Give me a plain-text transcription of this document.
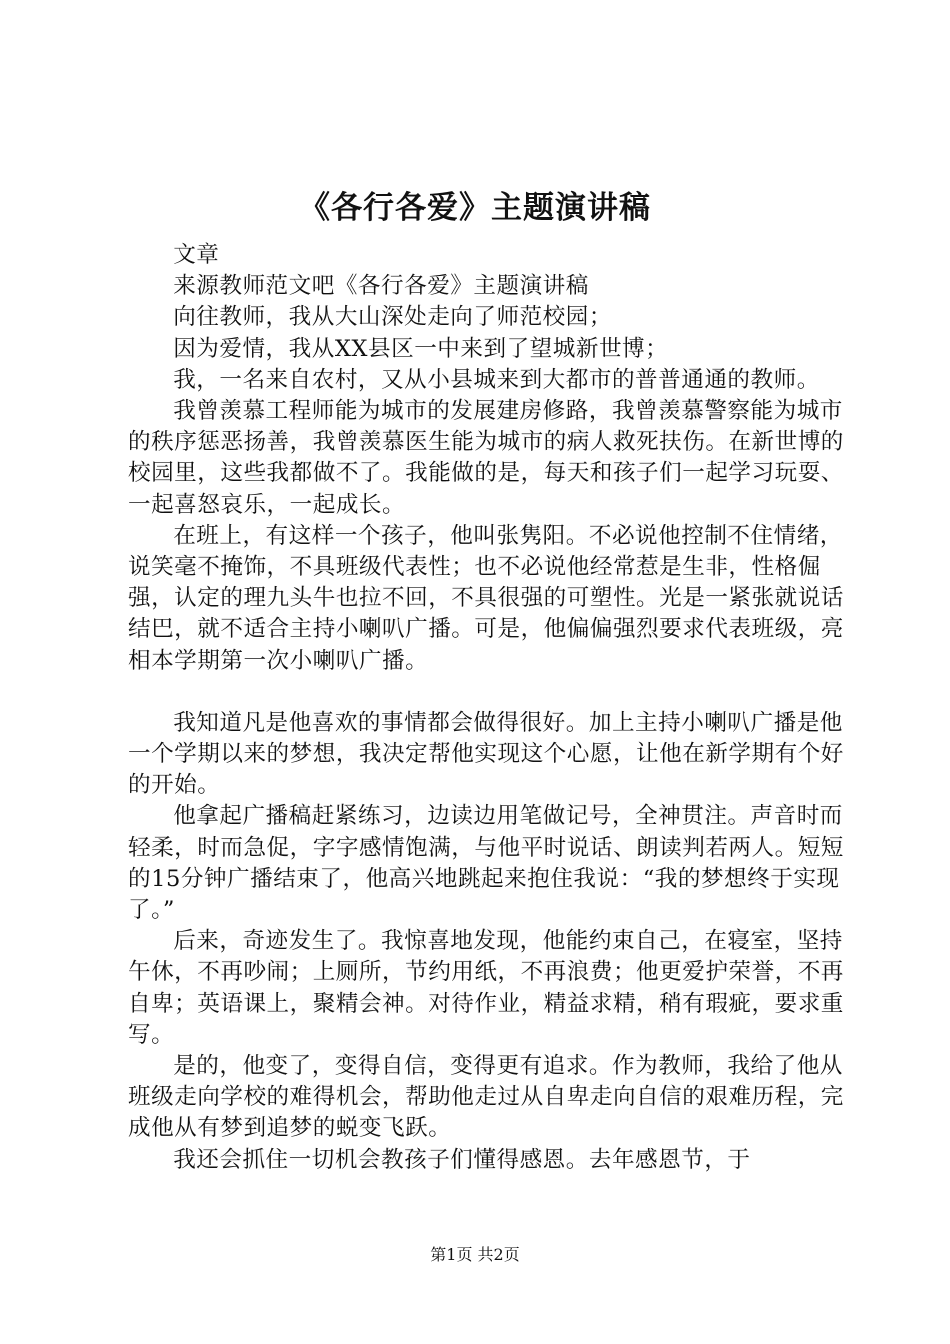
《各行各爱》主题演讲稿

文章

来源教师范文吧《各行各爱》主题演讲稿

向往教师，我从大山深处走向了师范校园；

因为爱情，我从XX县区一中来到了望城新世博；

我，一名来自农村，又从小县城来到大都市的普普通通的教师。

我曾羡慕工程师能为城市的发展建房修路，我曾羡慕警察能为城市的秩序惩恶扬善，我曾羡慕医生能为城市的病人救死扶伤。在新世博的校园里，这些我都做不了。我能做的是，每天和孩子们一起学习玩耍、一起喜怒哀乐，一起成长。

在班上，有这样一个孩子，他叫张隽阳。不必说他控制不住情绪，说笑毫不掩饰，不具班级代表性；也不必说他经常惹是生非，性格倔强，认定的理九头牛也拉不回，不具很强的可塑性。光是一紧张就说话结巴，就不适合主持小喇叭广播。可是，他偏偏强烈要求代表班级，亮相本学期第一次小喇叭广播。

我知道凡是他喜欢的事情都会做得很好。加上主持小喇叭广播是他一个学期以来的梦想，我决定帮他实现这个心愿，让他在新学期有个好的开始。

他拿起广播稿赶紧练习，边读边用笔做记号，全神贯注。声音时而轻柔，时而急促，字字感情饱满，与他平时说话、朗读判若两人。短短的15分钟广播结束了，他高兴地跳起来抱住我说：“我的梦想终于实现了。”

后来，奇迹发生了。我惊喜地发现，他能约束自己，在寝室，坚持午休，不再吵闹；上厕所，节约用纸，不再浪费；他更爱护荣誉，不再自卑；英语课上，聚精会神。对待作业，精益求精，稍有瑕疵，要求重写。

是的，他变了，变得自信，变得更有追求。作为教师，我给了他从班级走向学校的难得机会，帮助他走过从自卑走向自信的艰难历程，完成他从有梦到追梦的蜕变飞跃。

我还会抓住一切机会教孩子们懂得感恩。去年感恩节，于

第1页 共2页
